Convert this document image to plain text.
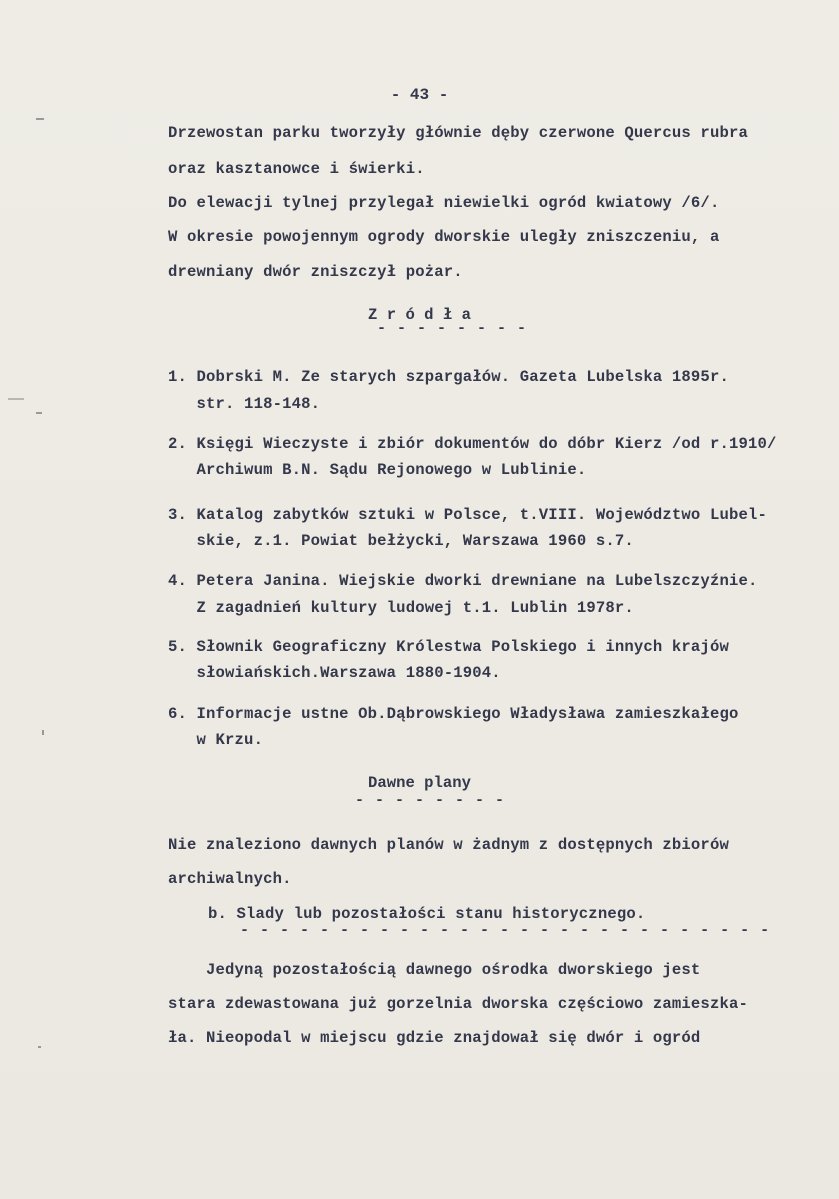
- 43 -
Drzewostan parku tworzyły głównie dęby czerwone Quercus rubra
oraz kasztanowce i świerki.
Do elewacji tylnej przylegał niewielki ogród kwiatowy /6/.
W okresie powojennym ogrody dworskie uległy zniszczeniu, a
drewniany dwór zniszczył pożar.
Z r ó d ł a
- - - - - - - -
1. Dobrski M. Ze starych szpargałów. Gazeta Lubelska 1895r.
str. 118-148.
2. Księgi Wieczyste i zbiór dokumentów do dóbr Kierz /od r.1910/
Archiwum B.N. Sądu Rejonowego w Lublinie.
3. Katalog zabytków sztuki w Polsce, t.VIII. Województwo Lubel-
skie, z.1. Powiat bełżycki, Warszawa 1960 s.7.
4. Petera Janina. Wiejskie dworki drewniane na Lubelszczyźnie.
Z zagadnień kultury ludowej t.1. Lublin 1978r.
5. Słownik Geograficzny Królestwa Polskiego i innych krajów
słowiańskich.Warszawa 1880-1904.
6. Informacje ustne Ob.Dąbrowskiego Władysława zamieszkałego
w Krzu.
Dawne plany
- - - - - - - -
Nie znaleziono dawnych planów w żadnym z dostępnych zbiorów
archiwalnych.
b. Slady lub pozostałości stanu historycznego.
- - - - - - - - - - - - - - - - - - - - - - - - - - -
Jedyną pozostałością dawnego ośrodka dworskiego jest
stara zdewastowana już gorzelnia dworska częściowo zamieszka-
ła. Nieopodal w miejscu gdzie znajdował się dwór i ogród
